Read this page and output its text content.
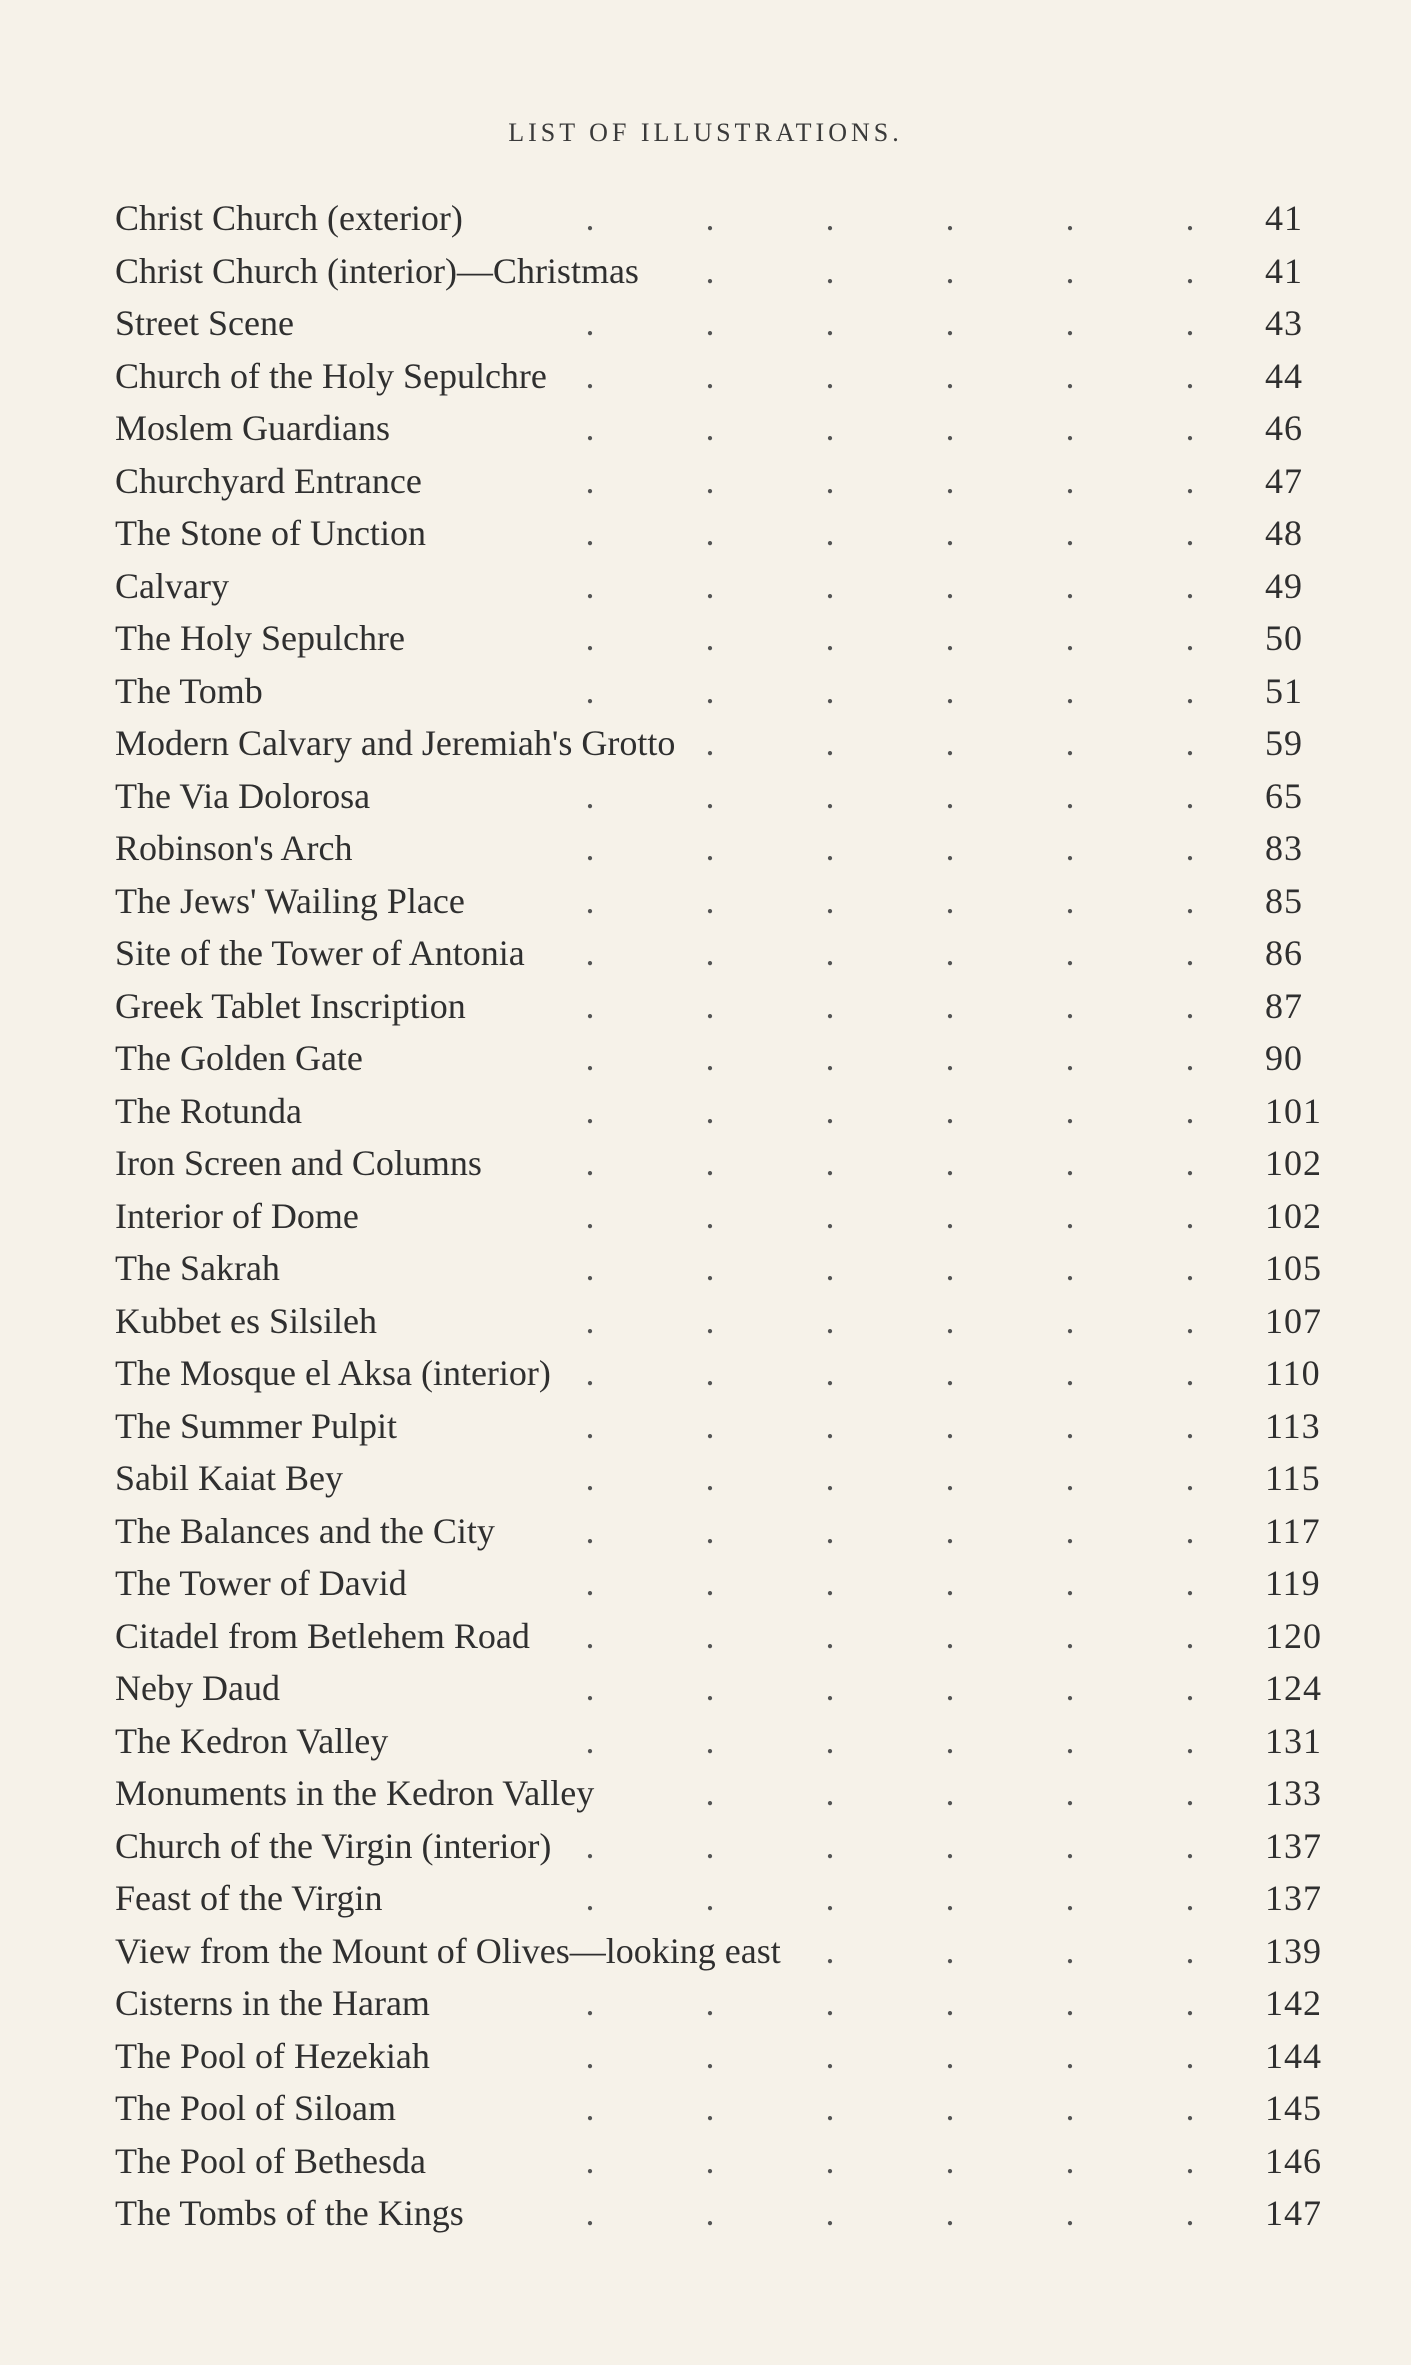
LIST OF ILLUSTRATIONS.
Christ Church (exterior)	.	.	.	.	.	. 41
Christ Church (interior)—Christmas .	.	.	.	. 41
Street Scene	.	.	.	.	.	. 43
Church of the Holy Sepulchre .	.	.	.	.	. 44
Moslem Guardians	.	.	.	.	.	. 46
Churchyard Entrance	.	.	.	.	.	. 47
The Stone of Unction	.	.	.	.	.	. 48
Calvary	.	.	.	.	.	. 49
The Holy Sepulchre	.	.	.	.	.	. 50
The Tomb	.	.	.	.	.	. 51
Modern Calvary and Jeremiah's Grotto .	.	.	.	. 59
The Via Dolorosa	.	.	.	.	.	. 65
Robinson's Arch	.	.	.	.	.	. 83
The Jews' Wailing Place	.	.	.	.	.	. 85
Site of the Tower of Antonia .	.	.	.	.	. 86
Greek Tablet Inscription	.	.	.	.	.	. 87
The Golden Gate	.	.	.	.	.	. 90
The Rotunda	.	.	.	.	.	. 101
Iron Screen and Columns	.	.	.	.	.	. 102
Interior of Dome	.	.	.	.	.	. 102
The Sakrah	.	.	.	.	.	. 105
Kubbet es Silsileh	.	.	.	.	.	. 107
The Mosque el Aksa (interior) .	.	.	.	.	. 110
The Summer Pulpit	.	.	.	.	.	. 113
Sabil Kaiat Bey	.	.	.	.	.	. 115
The Balances and the City	.	.	.	.	.	. 117
The Tower of David	.	.	.	.	.	. 119
Citadel from Betlehem Road .	.	.	.	.	. 120
Neby Daud	.	.	.	.	.	. 124
The Kedron Valley	.	.	.	.	.	. 131
Monuments in the Kedron Valley	.	.	.	.	. 133
Church of the Virgin (interior) .	.	.	.	.	. 137
Feast of the Virgin	.	.	.	.	.	. 137
View from the Mount of Olives—looking east .	.	.	. 139
Cisterns in the Haram	.	.	.	.	.	. 142
The Pool of Hezekiah	.	.	.	.	.	. 144
The Pool of Siloam	.	.	.	.	.	. 145
The Pool of Bethesda	.	.	.	.	.	. 146
The Tombs of the Kings	.	.	.	.	.	. 147
